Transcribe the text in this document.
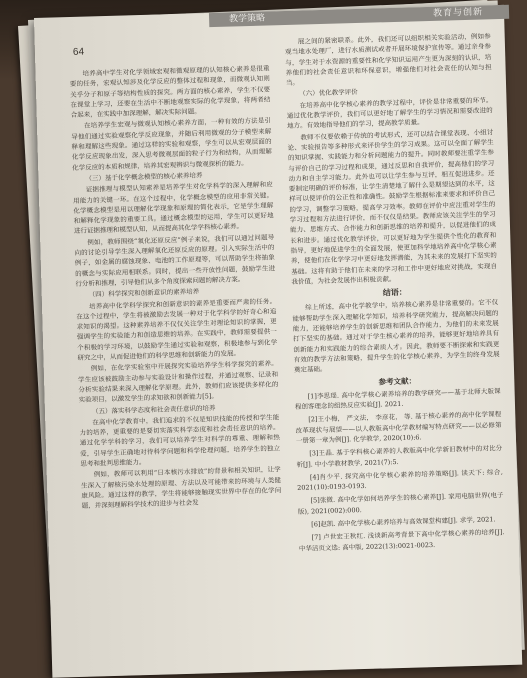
教学策略
教育与创新
64

培养高中学生对化学领域宏观和微观原理的认知核心素养是很重要的任务，宏观认知涉及化学反应的整体过程和现象，而微观认知则关乎分子和原子等结构性质的探究。两方面的核心素养，学生不仅要在课堂上学习，还要在生活中不断地观察实际的化学现象，将两者结合起来，在实践中加深理解，解决实际问题。

在培养学生宏观与微观认知核心素养方面，一种有效的方法是引导他们通过实验观察化学反应现象，并随后利用微观的分子模型来解释和理解这些现象。通过这样的实验和观察，学生可以从宏观层面的化学反应现象出发，深入思考微观层面的粒子行为和结构，从而理解化学反应的本质和规律，培养其宏观辨识与微观探析的能力。

（三）基于化学概念模型的核心素养培养

证据推理与模型认知素养是培养学生对化学科学的深入理解和应用能力的关键一环。在这个过程中，化学概念模型的应用非常关键。化学概念模型是用以理解化学现象和原理的简化表示，它是学生理解和解释化学现象的重要工具。通过概念模型的运用，学生可以更好地进行证据推理和模型认知，从而提高其化学学科核心素养。

例如，教师围绕“氧化还原反应”例子来说，我们可以通过问题导向的讨论引导学生深入理解氧化还原反应的原理。引入实际生活中的例子，如金属的腐蚀现象、电池的工作原理等，可以帮助学生将抽象的概念与实际应用相联系。同时，提出一些开放性问题，鼓励学生进行分析和推理，引导他们从多个角度探索问题的解决方案。

（四）科学探究和创新意识的素养培养

培养高中化学科学探究和创新意识的素养是重要而严肃的任务。在这个过程中，学生将被激励去发展一种对于化学科学的好奇心和追求知识的渴望。这种素养培养不仅仅关注学生对理论知识的掌握，更强调学生的实验能力和创造思维的培养。在实践中，教师需要提供一个积极的学习环境，以鼓励学生通过实验和观察，积极地参与到化学研究之中，从而促进他们的科学思维和创新能力的发展。

例如，在化学实验室中开展探究实验培养学生科学探究的素养。学生应该被鼓励主动参与实验设计和操作过程，并通过观察、记录和分析实验结果来深入理解化学原理。此外，教师们应该提供多样化的实验项目，以激发学生的求知欲和创新能力[5]。

（五）落实科学态度和社会责任意识的培养

在高中化学教育中，我们追求的不仅是知识技能的传授和学生能力的培养，更重要的是要切实落实科学态度和社会责任意识的培养。通过化学学科的学习，我们可以培养学生对科学的尊重、理解和热爱，引导学生正确地对待科学问题和科学伦理问题，培养学生的独立思考和批判思维能力。

例如，教师可以利用“日本核污水排放”的背景和相关知识，让学生深入了解核污染水处理的原理、方法以及可能带来的环境与人类健康风险。通过这样的教学，学生将能够接触现实世界中存在的化学问题，并深刻理解科学技术的进步与社会发

展之间的紧密联系。此外，我们还可以组织相关实验活动，例如参观当地水处理厂，进行水质测试或者开展环境保护宣传等。通过亲身参与，学生对于水资源的重要性和化学知识运用产生更为深刻的认识，培养他们的社会责任意识和环保意识，增强他们对社会责任的认知与担当。

（六）优化教学评价

在培养高中化学核心素养的教学过程中，评价是非常重要的环节。通过优化教学评价，我们可以更好地了解学生的学习情况和需要改进的地方。有效地指导他们的学习，提高教学质量。

教师不仅要依赖于传统的考试形式，还可以结合课堂表现、小组讨论、实验报告等多种形式来评价学生的学习成果。这可以全面了解学生的知识掌握、实践能力和分析问题能力的提升。同时教师要注重学生参与评价自己的学习过程和成果，通过反思和自我评价，提高他们的学习动力和自主学习能力。此外也可以让学生参与互评，相互促进进步。还要制定明确的评价标准，让学生清楚地了解什么是期望达到的水平，这样可以使评价的公正性和准确性。鼓励学生根据标准来要求和评价自己的学习，调整学习策略，提高学习效率。教师在评价中应注重对学生的学习过程和方法进行评价，而不仅仅是结果。教师应该关注学生的学习能力、思维方式、合作能力和创新思维的培养和提升，以促进他们的成长和进步。通过优化教学评价，可以更好地为学生提供个性化的教育和指导，更好地促进学生的全面发展，使更加科学地培养高中化学核心素养，使他们在化学学习中更好地发挥潜能，为其未来的发展打下坚实的基础。这将有助于他们在未来的学习和工作中更好地应对挑战，实现自我价值，为社会发展作出积极贡献。

结语：

综上所述，高中化学教学中，培养核心素养是非常重要的。它不仅能够帮助学生深入理解化学知识，培养科学研究能力，提高解决问题的能力，还能够培养学生的创新思维和团队合作能力，为他们的未来发展打下坚实的基础。通过对于学生核心素养的培养，能够更好地培养具有创新能力和实践能力的综合素质人才。因此，教师要不断探索和实践更有效的教学方法和策略，提升学生的化学核心素养，为学生的终身发展奠定基础。

参考文献：

[1]李思瑶. 高中化学核心素养培养的教学研究——基于北师大版课程创客理念的组热反应实验[J]. 2021.

[2]王小梅， 严文法， 李彦花， 等. 基于核心素养的高中化学课程改革现状与展望——以人教版高中化学教材编写特点研究——以必修第一册第一章为例[J]. 化学教学, 2020(10):6.

[3]王晶. 基于学科核心素养的人教版高中化学新旧教材中的对比分析[J]. 中小学教材教学, 2021(7):5.

[4]肖少平. 探究高中化学核心素养的培养策略[J]. 读天下: 综合, 2021(10):0193-0193.

[5]张微. 高中化学如何培养学生的核心素养[J]. 家用电脑世界(电子版), 2021(002):000.

[6]赵凯. 高中化学核心素养培养与高效课堂构建[J]. 求学, 2021.

[7] 卢世宏王秋红. 浅谈新高考背景下高中化学核心素养的培养[J]. 中华活页文选: 高中版, 2022(13):0021-0023.
